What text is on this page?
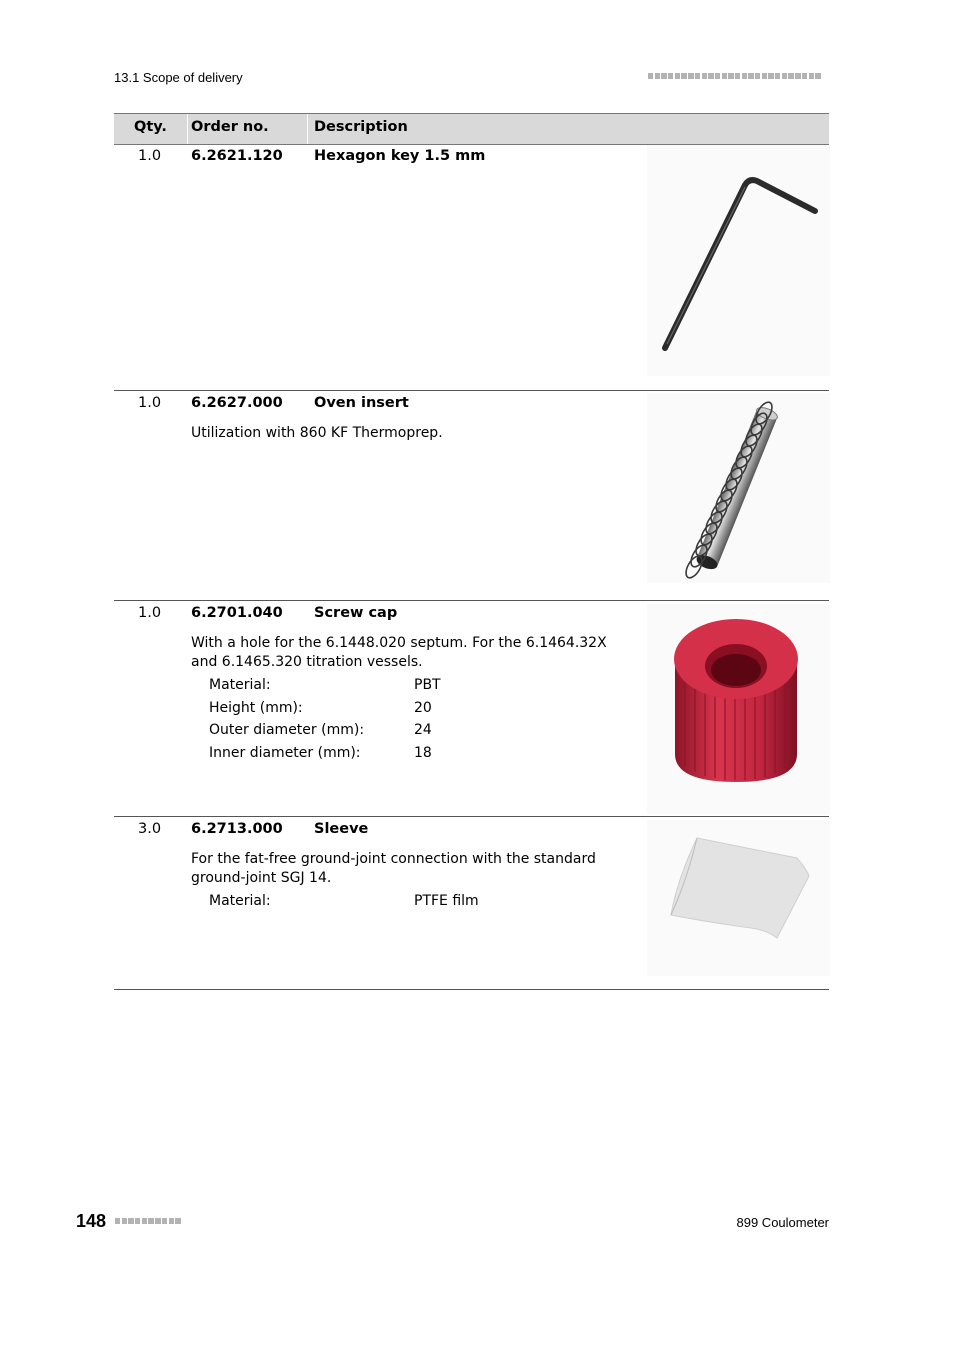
13.1 Scope of delivery
Qty. Order no.	Description
1.0 6.2621.120 Hexagon key 1.5 mm
1.0 6.2627.000 Oven insert
Utilization with 860 KF Thermoprep.
1.0 6.2701.040 Screw cap
With a hole for the 6.1448.020 septum. For the 6.1464.32X and 6.1465.320 titration vessels.
Material:	PBT
Height (mm):	20
Outer diameter (mm):	24
Inner diameter (mm):	18
3.0 6.2713.000 Sleeve
For the fat-free ground-joint connection with the standard ground-joint SGJ 14.
Material:	PTFE film
148	899 Coulometer
